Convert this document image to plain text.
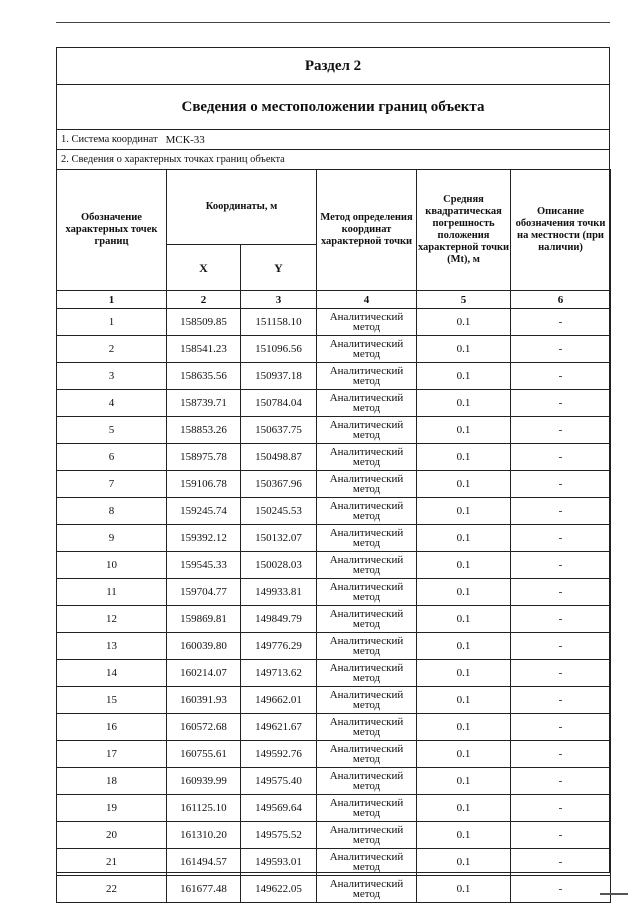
Раздел 2
Сведения о местоположении границ объекта
1. Система координат МСК-33
2. Сведения о характерных точках границ объекта
Обозначение характерных точек границ	Координаты, м		Метод определения координат характерной точки	Средняя квадратическая погрешность положения характерной точки (Mt), м	Описание обозначения точки на местности (при наличии)
	X	Y			
1	2	3	4	5	6
1	158509.85	151158.10	Аналитический метод	0.1	-
2	158541.23	151096.56	Аналитический метод	0.1	-
3	158635.56	150937.18	Аналитический метод	0.1	-
4	158739.71	150784.04	Аналитический метод	0.1	-
5	158853.26	150637.75	Аналитический метод	0.1	-
6	158975.78	150498.87	Аналитический метод	0.1	-
7	159106.78	150367.96	Аналитический метод	0.1	-
8	159245.74	150245.53	Аналитический метод	0.1	-
9	159392.12	150132.07	Аналитический метод	0.1	-
10	159545.33	150028.03	Аналитический метод	0.1	-
11	159704.77	149933.81	Аналитический метод	0.1	-
12	159869.81	149849.79	Аналитический метод	0.1	-
13	160039.80	149776.29	Аналитический метод	0.1	-
14	160214.07	149713.62	Аналитический метод	0.1	-
15	160391.93	149662.01	Аналитический метод	0.1	-
16	160572.68	149621.67	Аналитический метод	0.1	-
17	160755.61	149592.76	Аналитический метод	0.1	-
18	160939.99	149575.40	Аналитический метод	0.1	-
19	161125.10	149569.64	Аналитический метод	0.1	-
20	161310.20	149575.52	Аналитический метод	0.1	-
21	161494.57	149593.01	Аналитический метод	0.1	-
22	161677.48	149622.05	Аналитический метод	0.1	-
